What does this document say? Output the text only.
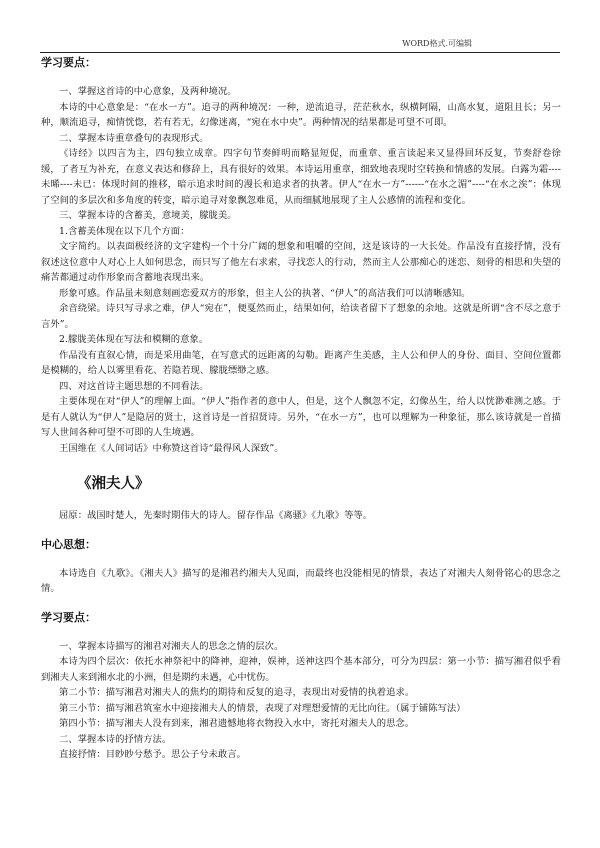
WORD格式.可编辑
学习要点：

一、掌握这首诗的中心意象，及两种境况。

本诗的中心意象是：“在水一方”。追寻的两种境况：一种，逆流追寻，茫茫秋水，纵横阿隔，山高水复，道阻且长；另一种，顺流追寻，痴情恍惚，若有若无，幻像迷离，“宛在水中央”。两种情况的结果都是可望不可即。

二、掌握本诗重章叠句的表现形式。

《诗经》以四言为主，四句独立成章。四字句节奏鲜明而略显短促，而重章、重言读起来又显得回环反复，节奏舒卷徐缓，了者互为补充，在意义表达和修辞上，具有很好的效果。本诗运用重章，细致地表现时空转换和情感的发展。白露为霜----未晞----未已：体现时间的推移，暗示追求时间的漫长和追求者的执著。伊人“在水一方”------“在水之湄”----“在水之涘”：体现了空间的多层次和多角度的转变，暗示追寻对象飘忽难觅，从而细腻地展现了主人公感情的流程和变化。

三、掌握本诗的含蓄美，意境美，朦胧美。

1.含蓄美体现在以下几个方面：

文字简约。以表面极经济的文字建构一个十分广阔的想象和咀嚼的空间，这是该诗的一大长处。作品没有直接抒情，没有叙述这位意中人对心上人如何思念，而只写了他左右求索，寻找恋人的行动，然而主人公那痴心的迷恋、刻骨的相思和失望的痛苦都通过动作形象而含蓄地表现出来。

形象可感。作品虽未刻意刻画恋爱双方的形象，但主人公的执著、“伊人”的高洁我们可以清晰感知。

余音绕梁。诗只写寻求之难，伊人“宛在”，便戛然而止，结果如何，给读者留下了想象的余地。这就是所谓“含不尽之意于言外”。

2.朦胧美体现在写法和模糊的意象。

作品没有直叙心情，而是采用曲笔，在写意式的远距离的勾勒。距离产生美感，主人公和伊人的身份、面目、空间位置都是模糊的，给人以雾里看花、若隐若现、朦胧缥缈之感。

四、对这首诗主题思想的不同看法。

主要体现在对“伊人”的理解上面。“伊人”指作者的意中人，但是，这个人飘忽不定，幻像丛生，给人以恍渺难测之感。于是有人就认为“伊人”是隐居的贤士，这首诗是一首招贤诗。另外，“在水一方”，也可以理解为一种象征，那么该诗就是一首描写人世间各种可望不可即的人生境遇。

王国维在《人间词话》中称赞这首诗“最得风人深致”。

《湘夫人》

屈原：战国时楚人，先秦时期伟大的诗人。留存作品《离骚》《九歌》等等。

中心思想：

本诗选自《九歌》。《湘夫人》描写的是湘君约湘夫人见面，而最终也没能相见的情景，表达了对湘夫人刻骨铭心的思念之情。

学习要点：

一、掌握本诗描写的湘君对湘夫人的思念之情的层次。

本诗为四个层次：依托水神祭祀中的降神，迎神，娱神，送神这四个基本部分，可分为四层：第一小节：描写湘君似乎看到湘夫人来到湘水北的小洲，但是期约未遇，心中忧伤。

第二小节：描写湘君对湘夫人的焦灼的期待和反复的追寻，表现出对爱情的执着追求。

第三小节：描写湘君筑室水中迎接湘夫人的情景，表现了对理想爱情的无比向往。（属于铺陈写法）

第四小节：描写湘夫人没有到来，湘君遗憾地将衣物投入水中，寄托对湘夫人的思念。

二、掌握本诗的抒情方法。

直接抒情：目眇眇兮愁予。思公子兮未敢言。
